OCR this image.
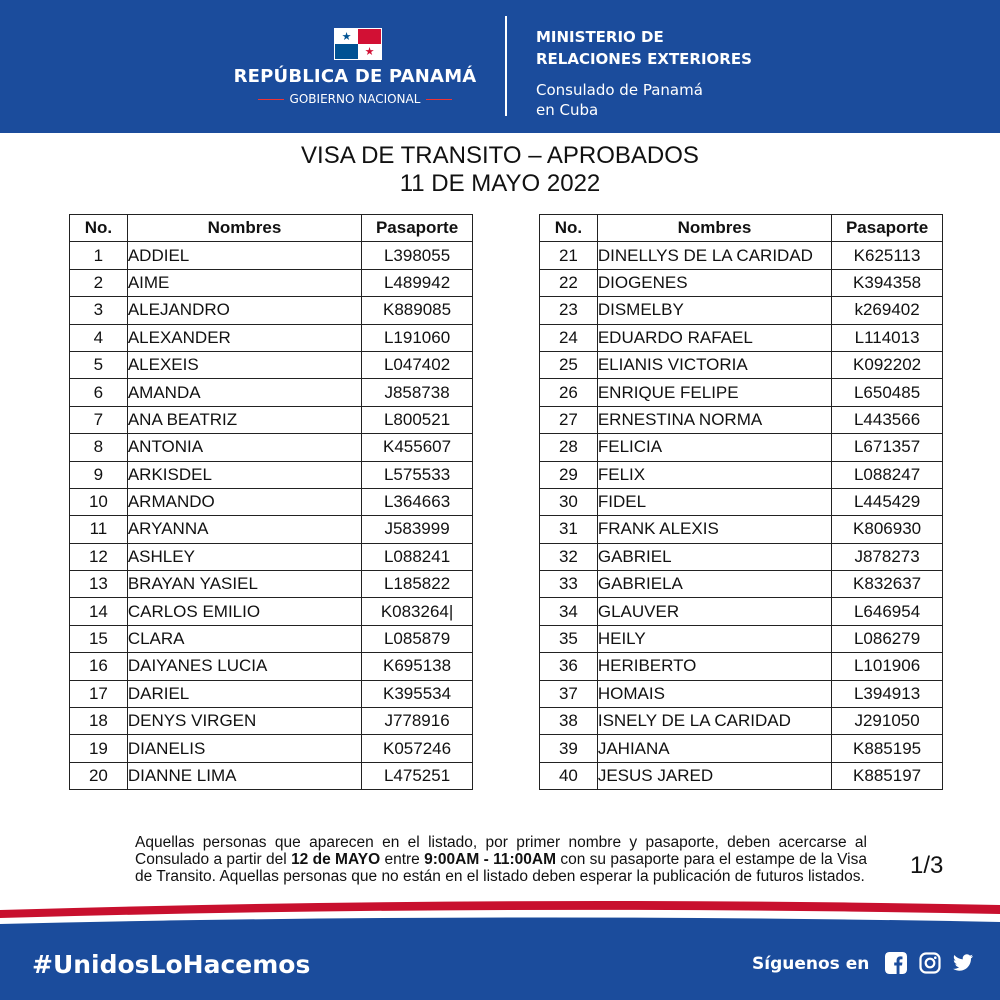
★
★
REPÚBLICA DE PANAMÁ
GOBIERNO NACIONAL
MINISTERIO DE
RELACIONES EXTERIORES
Consulado de Panamá
en Cuba
VISA DE TRANSITO – APROBADOS
11 DE MAYO 2022
No.	Nombres	Pasaporte
1	ADDIEL	L398055
2	AIME	L489942
3	ALEJANDRO	K889085
4	ALEXANDER	L191060
5	ALEXEIS	L047402
6	AMANDA	J858738
7	ANA BEATRIZ	L800521
8	ANTONIA	K455607
9	ARKISDEL	L575533
10	ARMANDO	L364663
11	ARYANNA	J583999
12	ASHLEY	L088241
13	BRAYAN YASIEL	L185822
14	CARLOS EMILIO	K083264|
15	CLARA	L085879
16	DAIYANES LUCIA	K695138
17	DARIEL	K395534
18	DENYS VIRGEN	J778916
19	DIANELIS	K057246
20	DIANNE LIMA	L475251
No.	Nombres	Pasaporte
21	DINELLYS DE LA CARIDAD	K625113
22	DIOGENES	K394358
23	DISMELBY	k269402
24	EDUARDO RAFAEL	L114013
25	ELIANIS VICTORIA	K092202
26	ENRIQUE FELIPE	L650485
27	ERNESTINA NORMA	L443566
28	FELICIA	L671357
29	FELIX	L088247
30	FIDEL	L445429
31	FRANK ALEXIS	K806930
32	GABRIEL	J878273
33	GABRIELA	K832637
34	GLAUVER	L646954
35	HEILY	L086279
36	HERIBERTO	L101906
37	HOMAIS	L394913
38	ISNELY DE LA CARIDAD	J291050
39	JAHIANA	K885195
40	JESUS JARED	K885197
Aquellas personas que aparecen en el listado, por primer nombre y pasaporte, deben acercarse al Consulado a partir del 12 de MAYO entre 9:00AM - 11:00AM con su pasaporte para el estampe de la Visa de Transito. Aquellas personas que no están en el listado deben esperar la publicación de futuros listados. 1/3
#UnidosLoHacemos	Síguenos en
